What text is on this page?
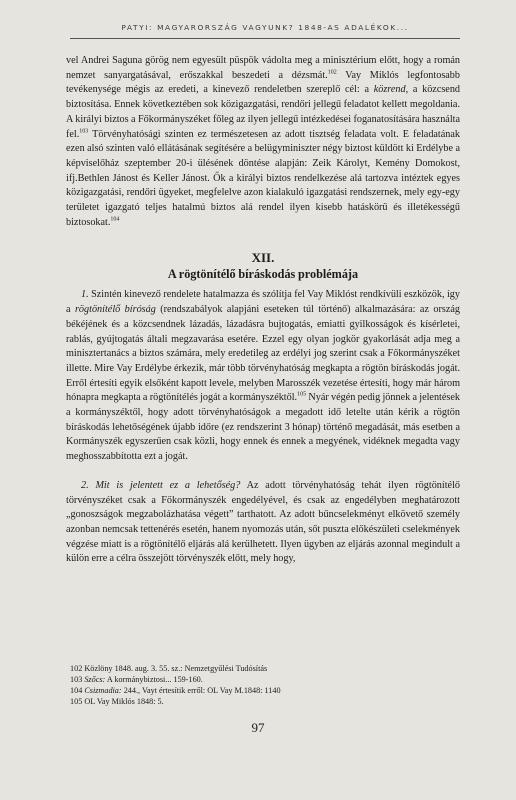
PATYI: MAGYARORSZÁG VAGYUNK? 1848-AS ADALÉKOK...

vel Andrei Saguna görög nem egyesült püspök vádolta meg a minisztérium előtt, hogy a román nemzet sanyargatásával, erőszakkal beszedeti a dézsmát.$^{102}$ Vay Miklós legfontosabb tevékenysége mégis az eredeti, a kinevező rendeletben szereplő cél: a közrend, a közcsend biztosítása. Ennek következtében sok közigazgatási, rendőri jellegű feladatot kellett megoldania. A királyi biztos a Főkormányszéket főleg az ilyen jellegű intézkedései foganatosítására használta fel.$^{103}$ Törvényhatósági szinten ez természetesen az adott tisztség feladata volt. E feladatának ezen alsó szinten való ellátásának segítésére a belügyminiszter négy biztost küldött ki Erdélybe a képviselőház szeptember 20-i ülésének döntése alapján: Zeik Károlyt, Kemény Domokost, ifj.Bethlen Jánost és Keller Jánost. Ők a királyi biztos rendelkezése alá tartozva intéztek egyes közigazgatási, rendőri ügyeket, megfelelve azon kialakuló igazgatási rendszernek, mely egy-egy területet igazgató teljes hatalmú biztos alá rendel ilyen kisebb hatáskörű és illetékességű biztosokat.$^{104}$

XII.
A rögtönítélő bíráskodás problémája

1. Szintén kinevező rendelete hatalmazza és szólítja fel Vay Miklóst rendkívüli eszközök, így a rögtönítélő bíróság (rendszabályok alapjáni eseteken túl történő) alkalmazására: az ország békéjének és a közcsendnek lázadás, lázadásra bujtogatás, emiatti gyilkosságok és kísérletei, rablás, gyújtogatás általi megzavarása esetére. Ezzel egy olyan jogkör gyakorlását adja meg a minisztertanács a biztos számára, mely eredetileg az erdélyi jog szerint csak a Főkormányszéket illette. Mire Vay Erdélybe érkezik, már több törvényhatóság megkapta a rögtön bíráskodás jogát. Erről értesíti egyik elsőként kapott levele, melyben Marosszék vezetése értesíti, hogy már három hónapra megkapta a rögtönítélés jogát a kormányszéktől.$^{105}$ Nyár végén pedig jönnek a jelentések a kormányszéktől, hogy adott törvényhatóságok a megadott idő letelte után kérik a rögtön bíráskodás lehetőségének újabb időre (ez rendszerint 3 hónap) történő megadását, más esetben a Kormányszék egyszerűen csak közli, hogy ennek és ennek a megyének, vidéknek megadta vagy meghosszabbította ezt a jogát.

2. Mit is jelentett ez a lehetőség? Az adott törvényhatóság tehát ilyen rögtönítélő törvényszéket csak a Főkormányszék engedélyével, és csak az engedélyben meghatározott „gonoszságok megzabolázhatása végett” tarthatott. Az adott bűncselekményt elkövető személy azonban nemcsak tettenérés esetén, hanem nyomozás után, sőt puszta előkészületi cselekmények végzése miatt is a rögtönítélő eljárás alá kerülhetett. Ilyen ügyben az eljárás azonnal megindult a külön erre a célra összejött törvényszék előtt, mely hogy,

102 Közlöny 1848. aug. 3. 55. sz.: Nemzetgyűlési Tudósítás
103 Szőcs: A kormánybiztosi... 159-160.
104 Csizmadia: 244., Vayt értesítik erről: OL Vay M.1848: 1140
105 OL Vay Miklós 1848: 5.
97
